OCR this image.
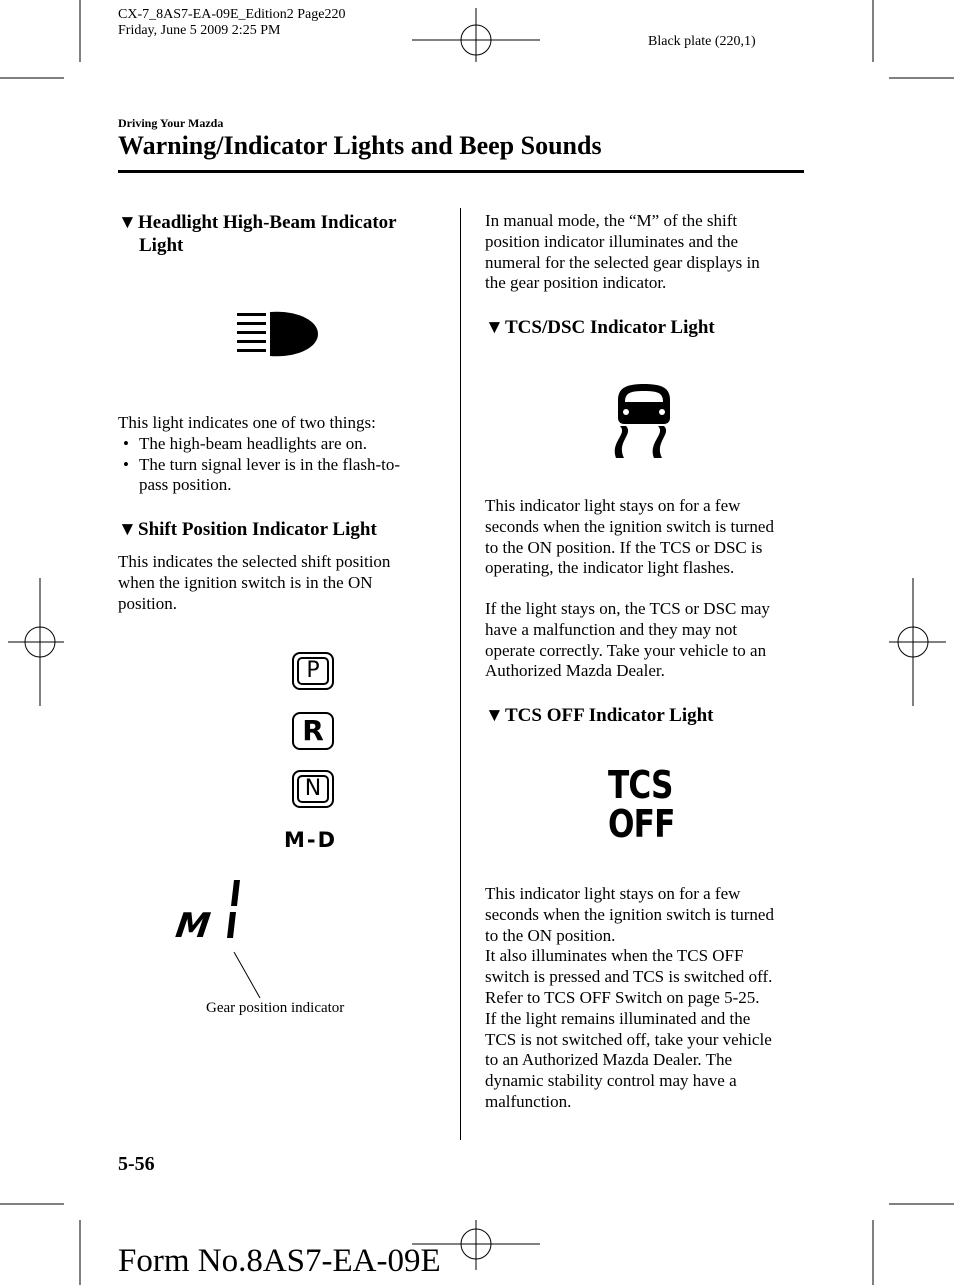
CX-7_8AS7-EA-09E_Edition2 Page220
Friday, June 5 2009 2:25 PM
Black plate (220,1)
Driving Your Mazda
Warning/Indicator Lights and Beep Sounds
▼Headlight High-Beam Indicator
Light

This light indicates one of two things:

• The high-beam headlights are on.
• The turn signal lever is in the flash-to-

pass position.

▼Shift Position Indicator Light

This indicates the selected shift position

when the ignition switch is in the ON

position.

P
R
N
M-D
M
Gear position indicator

In manual mode, the “M” of the shift

position indicator illuminates and the

numeral for the selected gear displays in

the gear position indicator.

▼TCS/DSC Indicator Light

This indicator light stays on for a few

seconds when the ignition switch is turned

to the ON position. If the TCS or DSC is

operating, the indicator light flashes.

If the light stays on, the TCS or DSC may

have a malfunction and they may not

operate correctly. Take your vehicle to an

Authorized Mazda Dealer.

▼TCS OFF Indicator Light
TCS
OFF

This indicator light stays on for a few

seconds when the ignition switch is turned

to the ON position.

It also illuminates when the TCS OFF

switch is pressed and TCS is switched off.

Refer to TCS OFF Switch on page 5-25.

If the light remains illuminated and the

TCS is not switched off, take your vehicle

to an Authorized Mazda Dealer. The

dynamic stability control may have a

malfunction.

5-56
Form No.8AS7-EA-09E
